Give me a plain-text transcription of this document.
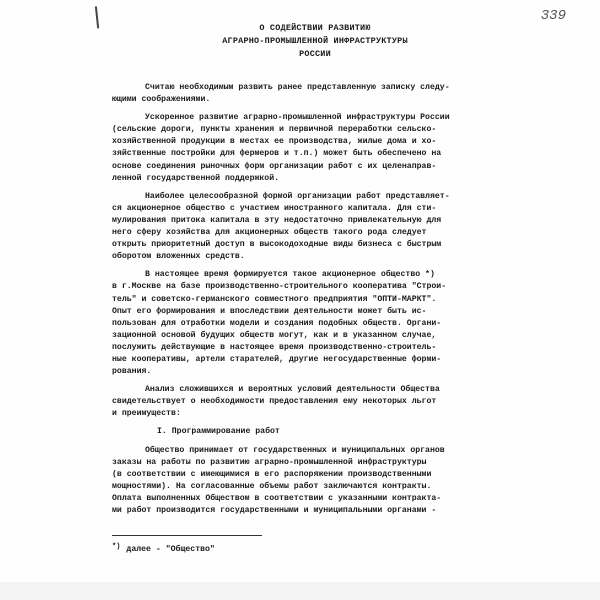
339
О СОДЕЙСТВИИ РАЗВИТИЮ
АГРАРНО-ПРОМЫШЛЕННОЙ ИНФРАСТРУКТУРЫ
РОССИИ
Считаю необходимым развить ранее представленную записку следу-
ющими соображениями.
Ускоренное развитие аграрно-промышленной инфраструктуры России
(сельские дороги, пункты хранения и первичной переработки сельско-
хозяйственной продукции в местах ее производства, жилые дома и хо-
зяйственные постройки для фермеров и т.п.) может быть обеспечено на
основе соединения рыночных форм организации работ с их целенаправ-
ленной государственной поддержкой.
Наиболее целесообразной формой организации работ представляет-
ся акционерное общество с участием иностранного капитала. Для сти-
мулирования притока капитала в эту недостаточно привлекательную для
него сферу хозяйства для акционерных обществ такого рода следует
открыть приоритетный доступ в высокодоходные виды бизнеса с быстрым
оборотом вложенных средств.
В настоящее время формируется такое акционерное общество *)
в г.Москве на базе производственно-строительного кооператива "Строи-
тель" и советско-германского совместного предприятия "ОПТИ-МАРКТ".
Опыт его формирования и впоследствии деятельности может быть ис-
пользован для отработки модели и создания подобных обществ. Органи-
зационной основой будущих обществ могут, как и в указанном случае,
послужить действующие в настоящее время производственно-строитель-
ные кооперативы, артели старателей, другие негосударственные форми-
рования.
Анализ сложившихся и вероятных условий деятельности Общества
свидетельствует о необходимости предоставления ему некоторых льгот
и преимуществ:
I. Программирование работ
Общество принимает от государственных и муниципальных органов
заказы на работы по развитию аграрно-промышленной инфраструктуры
(в соответствии с имеющимися в его распоряжении производственными
мощностями). На согласованные объемы работ заключаются контракты.
Оплата выполненных Обществом в соответствии с указанными контракта-
ми работ производится государственными и муниципальными органами -
*) далее - "Общество"
